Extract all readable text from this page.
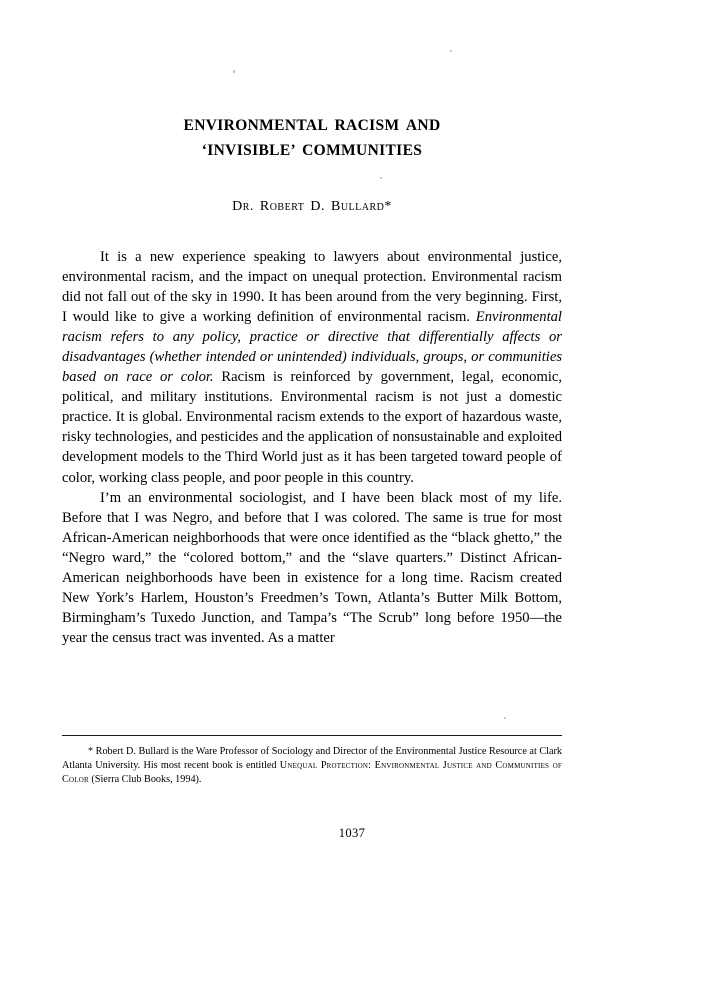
ENVIRONMENTAL RACISM AND
‘INVISIBLE’ COMMUNITIES
Dr. Robert D. Bullard*

It is a new experience speaking to lawyers about environmental justice, environmental racism, and the impact on unequal protection. Environmental racism did not fall out of the sky in 1990. It has been around from the very beginning. First, I would like to give a working definition of environmental racism. Environmental racism refers to any policy, practice or directive that differentially affects or disadvantages (whether intended or unintended) individuals, groups, or communities based on race or color. Racism is reinforced by government, legal, economic, political, and military institutions. Environmental racism is not just a domestic practice. It is global. Environmental racism extends to the export of hazardous waste, risky technologies, and pesticides and the application of nonsustainable and exploited development models to the Third World just as it has been targeted toward people of color, working class people, and poor people in this country.

I’m an environmental sociologist, and I have been black most of my life. Before that I was Negro, and before that I was colored. The same is true for most African-American neighborhoods that were once identified as the “black ghetto,” the “Negro ward,” the “colored bottom,” and the “slave quarters.” Distinct African-American neighborhoods have been in existence for a long time. Racism created New York’s Harlem, Houston’s Freedmen’s Town, Atlanta’s Butter Milk Bottom, Birmingham’s Tuxedo Junction, and Tampa’s “The Scrub” long before 1950—the year the census tract was invented. As a matter

* Robert D. Bullard is the Ware Professor of Sociology and Director of the Environmental Justice Resource at Clark Atlanta University. His most recent book is entitled Unequal Protection: Environmental Justice and Communities of Color (Sierra Club Books, 1994).

1037
